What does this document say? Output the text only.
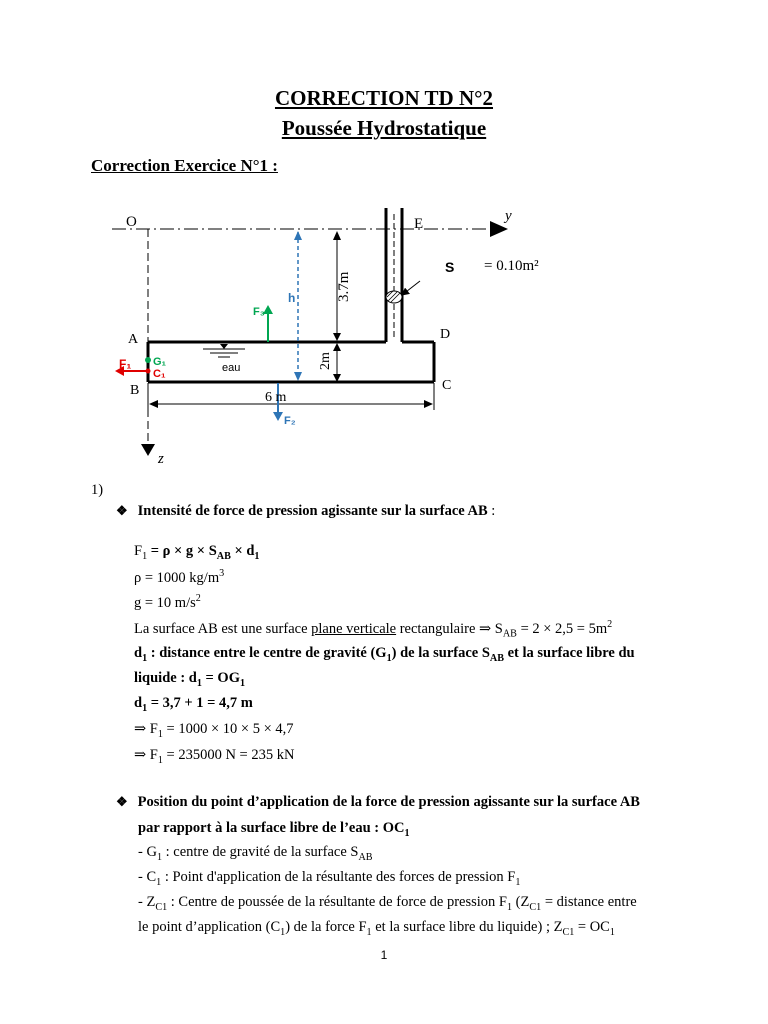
CORRECTION TD N°2
Poussée Hydrostatique
Correction Exercice N°1 :
O	E	y
S = 0.10m²
h
F₃
3.7m
A	D
F₁ G₁
C₁	eau	2m
B	C
6 m
F₂
z
1)
❖ Intensité de force de pression agissante sur la surface AB :
$F_1 = \rho \times g \times S_{AB} \times d_1$
ρ = 1000 $kg/m^3$
g = 10 $m/s^2$
La surface AB est une surface plane verticale rectangulaire ⇒ $S_{AB} = 2 \times 2,5 = 5m^2$
$d_1$ : distance entre le centre de gravité $(G_1)$ de la surface $S_{AB}$ et la surface libre du
liquide : $d_1 = OG_1$
$d_1 = 3,7 + 1 = 4,7$ m
⇒ $F_1 = 1000 \times 10 \times 5 \times 4,7$
⇒ $F_1 = 235000$ N = 235 kN
❖ Position du point d’application de la force de pression agissante sur la surface AB
par rapport à la surface libre de l’eau : $OC_1$
- $G_1$ : centre de gravité de la surface $S_{AB}$
- $C_1$ : Point d'application de la résultante des forces de pression $F_1$
- $Z_{C1}$ : Centre de poussée de la résultante de force de pression $F_1$ ($Z_{C1}$ = distance entre
le point d’application $(C_1)$ de la force $F_1$ et la surface libre du liquide) ; $Z_{C1} = OC_1$
1
